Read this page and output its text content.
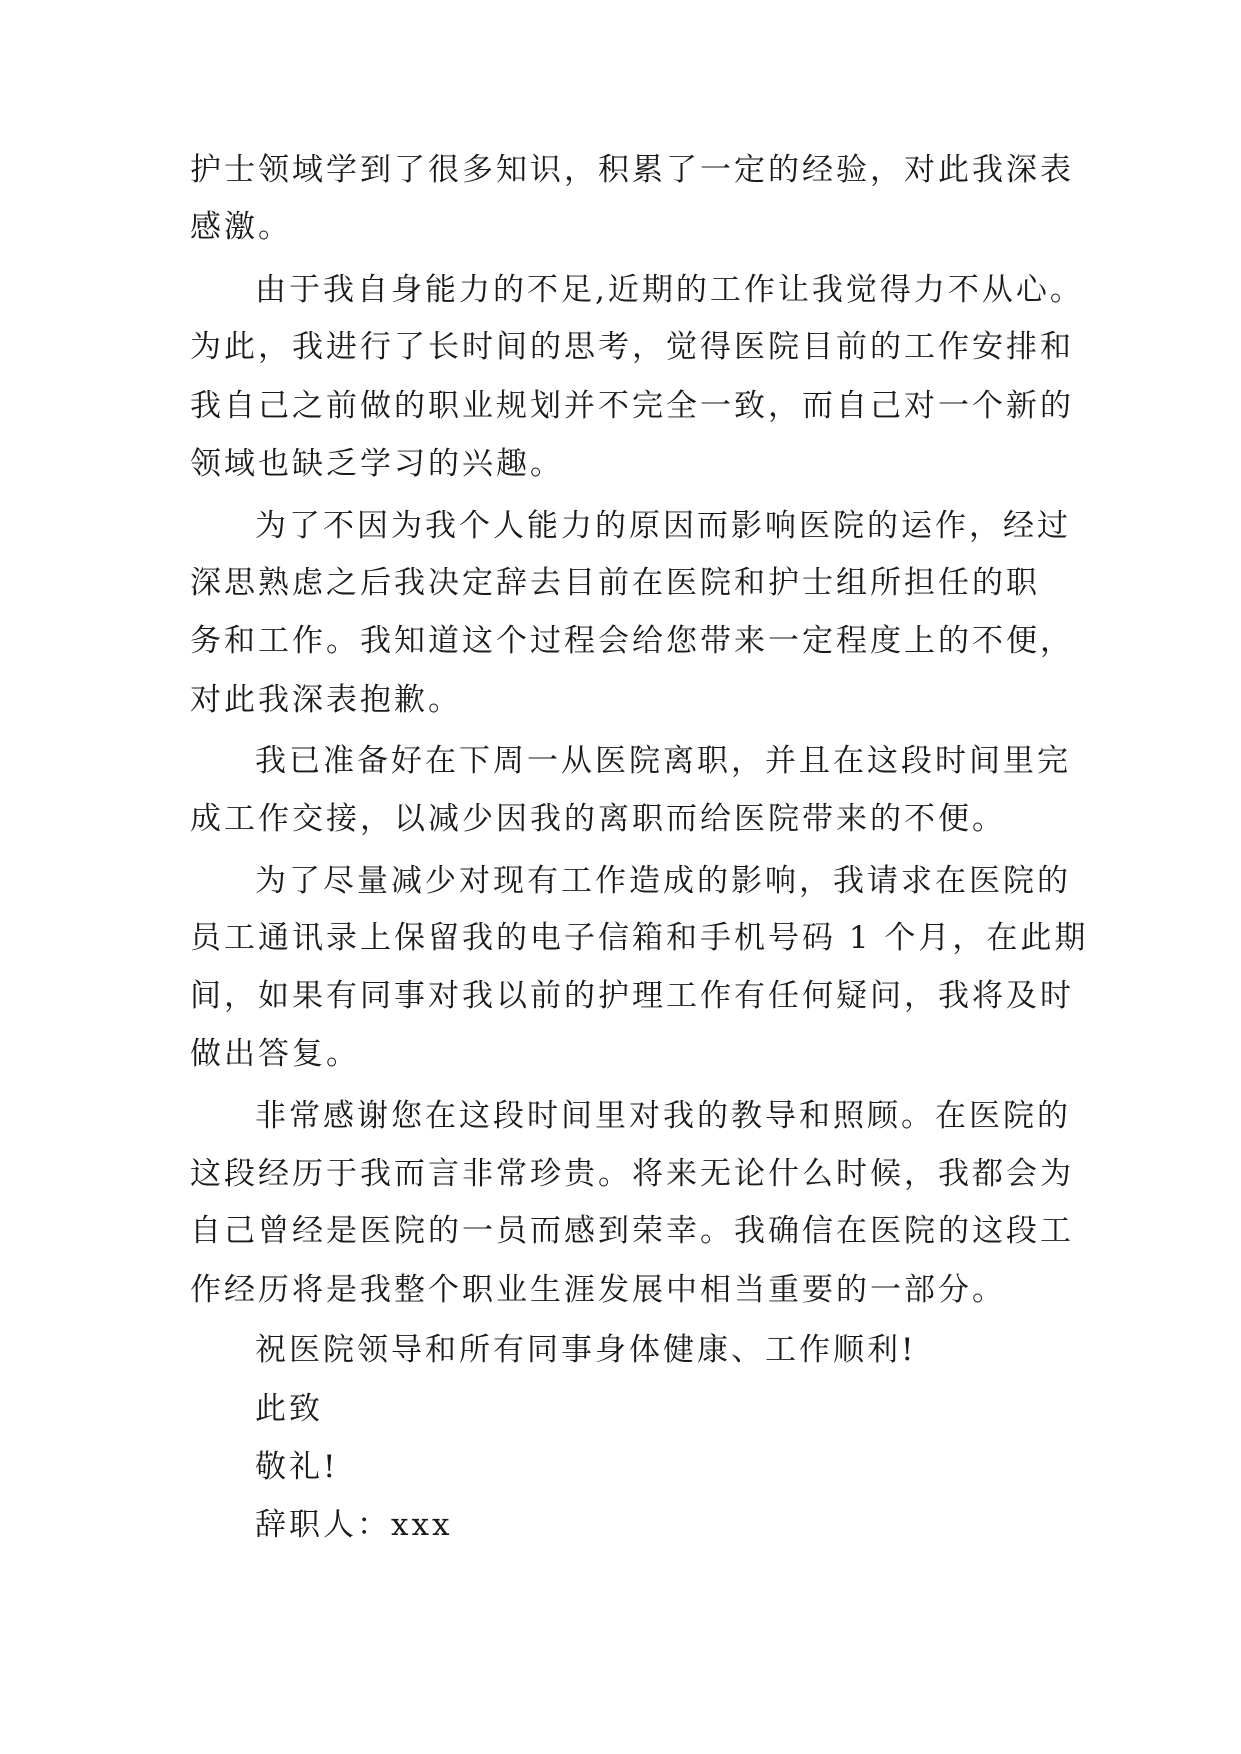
护士领域学到了很多知识，积累了一定的经验，对此我深表
感激。
由于我自身能力的不足,近期的工作让我觉得力不从心。
为此，我进行了长时间的思考，觉得医院目前的工作安排和
我自己之前做的职业规划并不完全一致，而自己对一个新的
领域也缺乏学习的兴趣。
为了不因为我个人能力的原因而影响医院的运作，经过
深思熟虑之后我决定辞去目前在医院和护士组所担任的职
务和工作。我知道这个过程会给您带来一定程度上的不便，
对此我深表抱歉。
我已准备好在下周一从医院离职，并且在这段时间里完
成工作交接，以减少因我的离职而给医院带来的不便。
为了尽量减少对现有工作造成的影响，我请求在医院的
员工通讯录上保留我的电子信箱和手机号码 1 个月，在此期
间，如果有同事对我以前的护理工作有任何疑问，我将及时
做出答复。
非常感谢您在这段时间里对我的教导和照顾。在医院的
这段经历于我而言非常珍贵。将来无论什么时候，我都会为
自己曾经是医院的一员而感到荣幸。我确信在医院的这段工
作经历将是我整个职业生涯发展中相当重要的一部分。
祝医院领导和所有同事身体健康、工作顺利!
此致
敬礼!
辞职人：xxx
